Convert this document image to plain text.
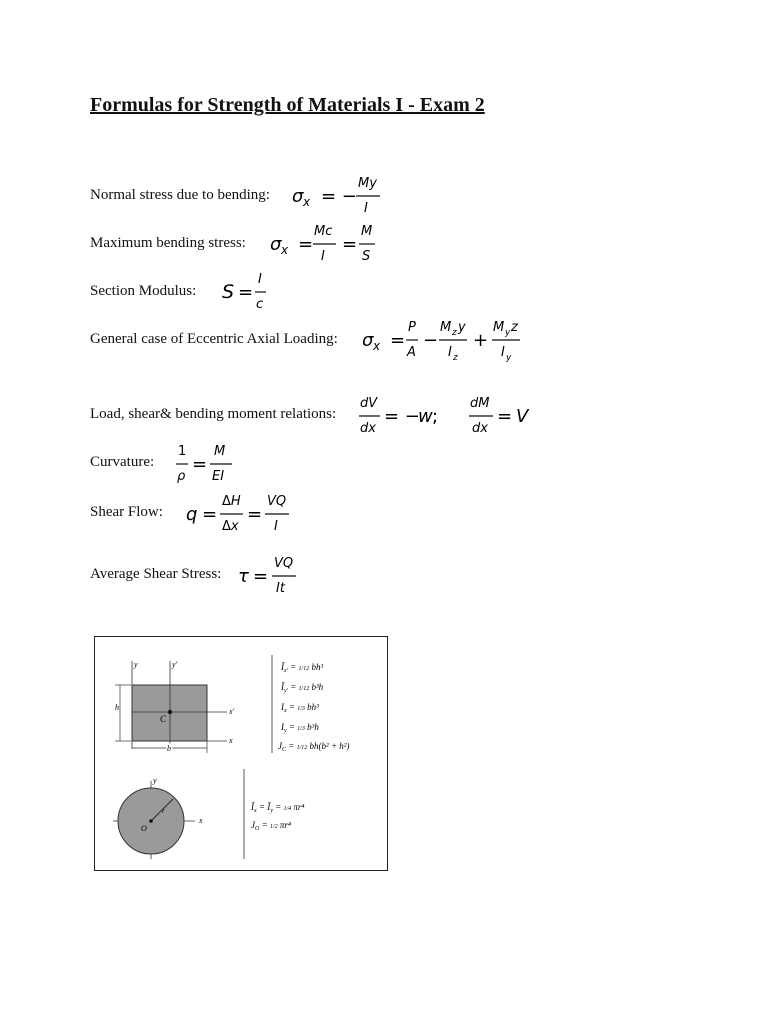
Formulas for Strength of Materials I - Exam 2
Normal stress due to bending: σ x = −
My
I
Maximum bending stress: σ x =
Mc
I
=
M
S
Section Modulus: S =
I
c
General case of Eccentric Axial Loading: σ x =
P
A
−
M z y
I z
+
M y z
I y
Load, shear& bending moment relations:
dV
dx
= −
w ;
dM
dx
= V
Curvature:
1
ρ
=
M
EI
Shear Flow: q =
ΔH
Δx
=
VQ
I
Average Shear Stress: τ =
VQ
It
y	y'
x'
x
h
b
C
$Ī_{x'} = 1/12$ bh³
$Ī_{y'} = 1/12$ b³h
$I_x = 1/3$ bh³
$I_y = 1/3$ b³h
$J_C = 1/12$ bh(b² + h²)
y
x
O
r	$Ī_x$ = $Ī_y = 1/4$ πr⁴
$J_O = 1/2$ πr⁴
